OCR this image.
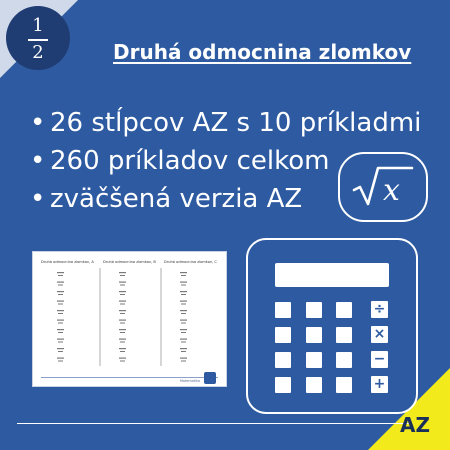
1
2	Druhá odmocnina zlomkov
• 26 stĺpcov AZ s 10 príkladmi
• 260 príkladov celkom
• zväčšená verzia AZ	x
Druhá odmocnina zlomkov, A	Druhá odmocnina zlomkov, B	Druhá odmocnina zlomkov, C
Matematika
÷
×
−
+
AZ
